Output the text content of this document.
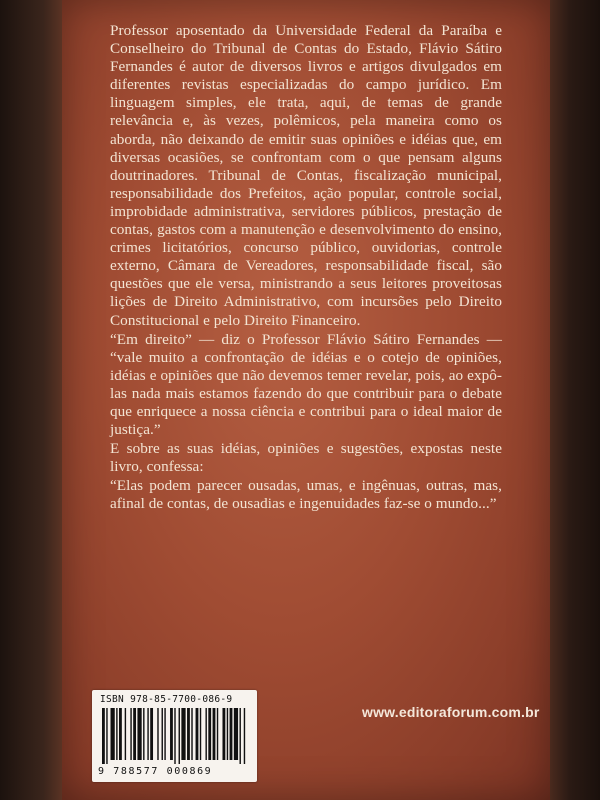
Professor aposentado da Universidade Federal da Paraíba e Conselheiro do Tribunal de Contas do Estado, Flávio Sátiro Fernandes é autor de diversos livros e artigos divulgados em diferentes revistas especializadas do campo jurídico. Em linguagem simples, ele trata, aqui, de temas de grande relevância e, às vezes, polêmicos, pela maneira como os aborda, não deixando de emitir suas opiniões e idéias que, em diversas ocasiões, se confrontam com o que pensam alguns doutrinadores. Tribunal de Contas, fiscalização municipal, responsabilidade dos Prefeitos, ação popular, controle social, improbidade administrativa, servidores públicos, prestação de contas, gastos com a manutenção e desenvolvimento do ensino, crimes licitatórios, concurso público, ouvidorias, controle externo, Câmara de Vereadores, responsabilidade fiscal, são questões que ele versa, ministrando a seus leitores proveitosas lições de Direito Administrativo, com incursões pelo Direito Constitucional e pelo Direito Financeiro.

“Em direito” — diz o Professor Flávio Sátiro Fernandes — “vale muito a confrontação de idéias e o cotejo de opiniões, idéias e opiniões que não devemos temer revelar, pois, ao expô-las nada mais estamos fazendo do que contribuir para o debate que enriquece a nossa ciência e contribui para o ideal maior de justiça.”

E sobre as suas idéias, opiniões e sugestões, expostas neste livro, confessa:

“Elas podem parecer ousadas, umas, e ingênuas, outras, mas, afinal de contas, de ousadias e ingenuidades faz-se o mundo...”

ISBN 978-85-7700-086-9
9 788577 000869
www.editoraforum.com.br
